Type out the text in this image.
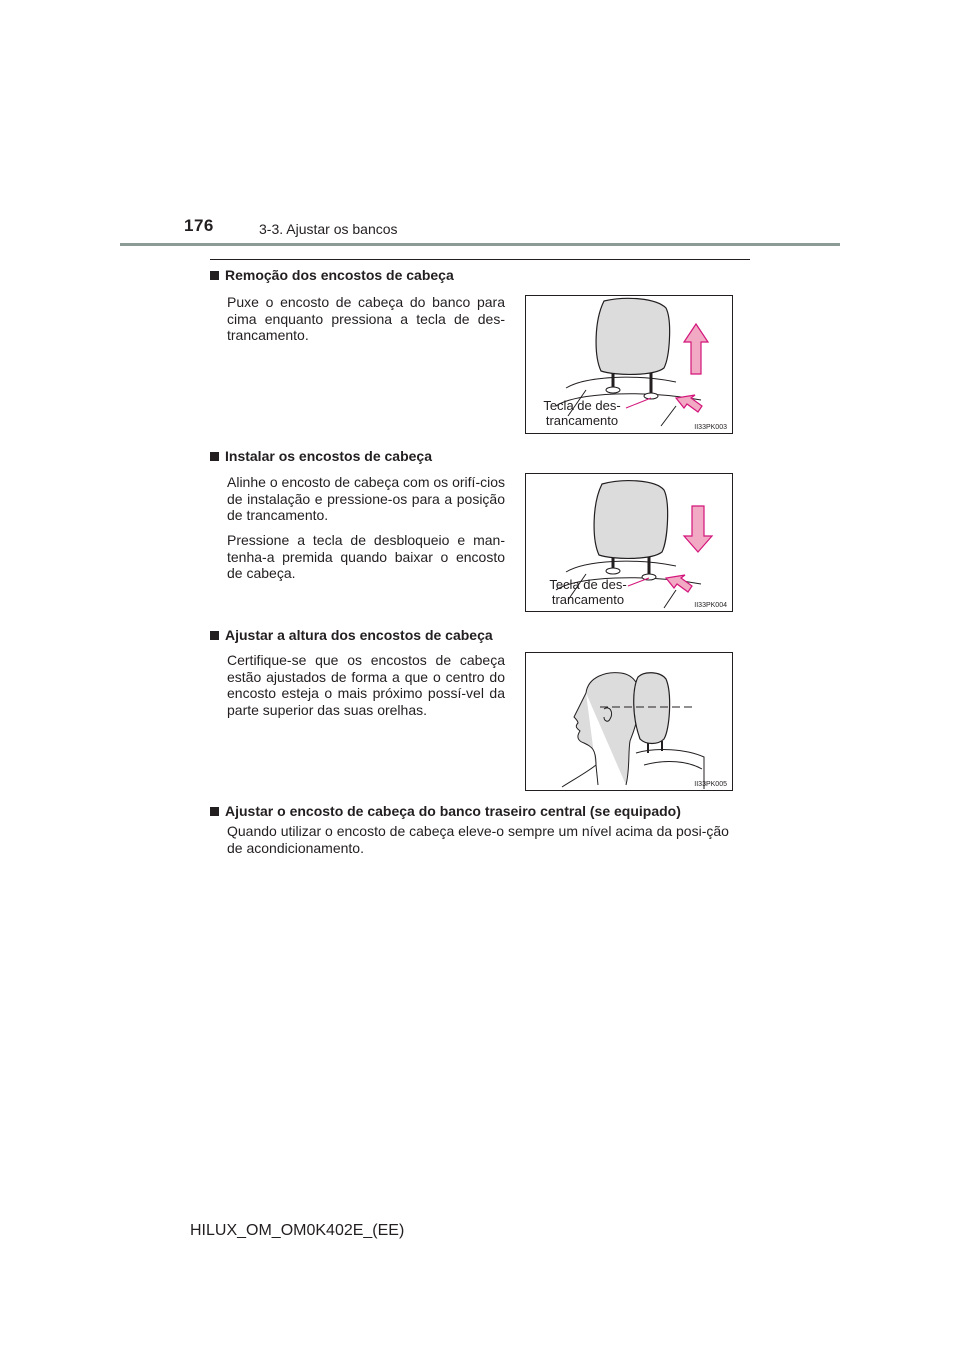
176	3-3. Ajustar os bancos
Remoção dos encostos de cabeça
Puxe o encosto de cabeça do banco para cima enquanto pressiona a tecla de des-trancamento.
Tecla de des-
trancamento	II33PK003
Instalar os encostos de cabeça
Alinhe o encosto de cabeça com os orifí-cios de instalação e pressione-os para a posição de trancamento.
Pressione a tecla de desbloqueio e man-tenha-a premida quando baixar o encosto de cabeça.
Tecla de des-
trancamento	II33PK004
Ajustar a altura dos encostos de cabeça
Certifique-se que os encostos de cabeça estão ajustados de forma a que o centro do encosto esteja o mais próximo possí-vel da parte superior das suas orelhas.
II33PK005
Ajustar o encosto de cabeça do banco traseiro central (se equipado)
Quando utilizar o encosto de cabeça eleve-o sempre um nível acima da posi-ção de acondicionamento.
HILUX_OM_OM0K402E_(EE)
